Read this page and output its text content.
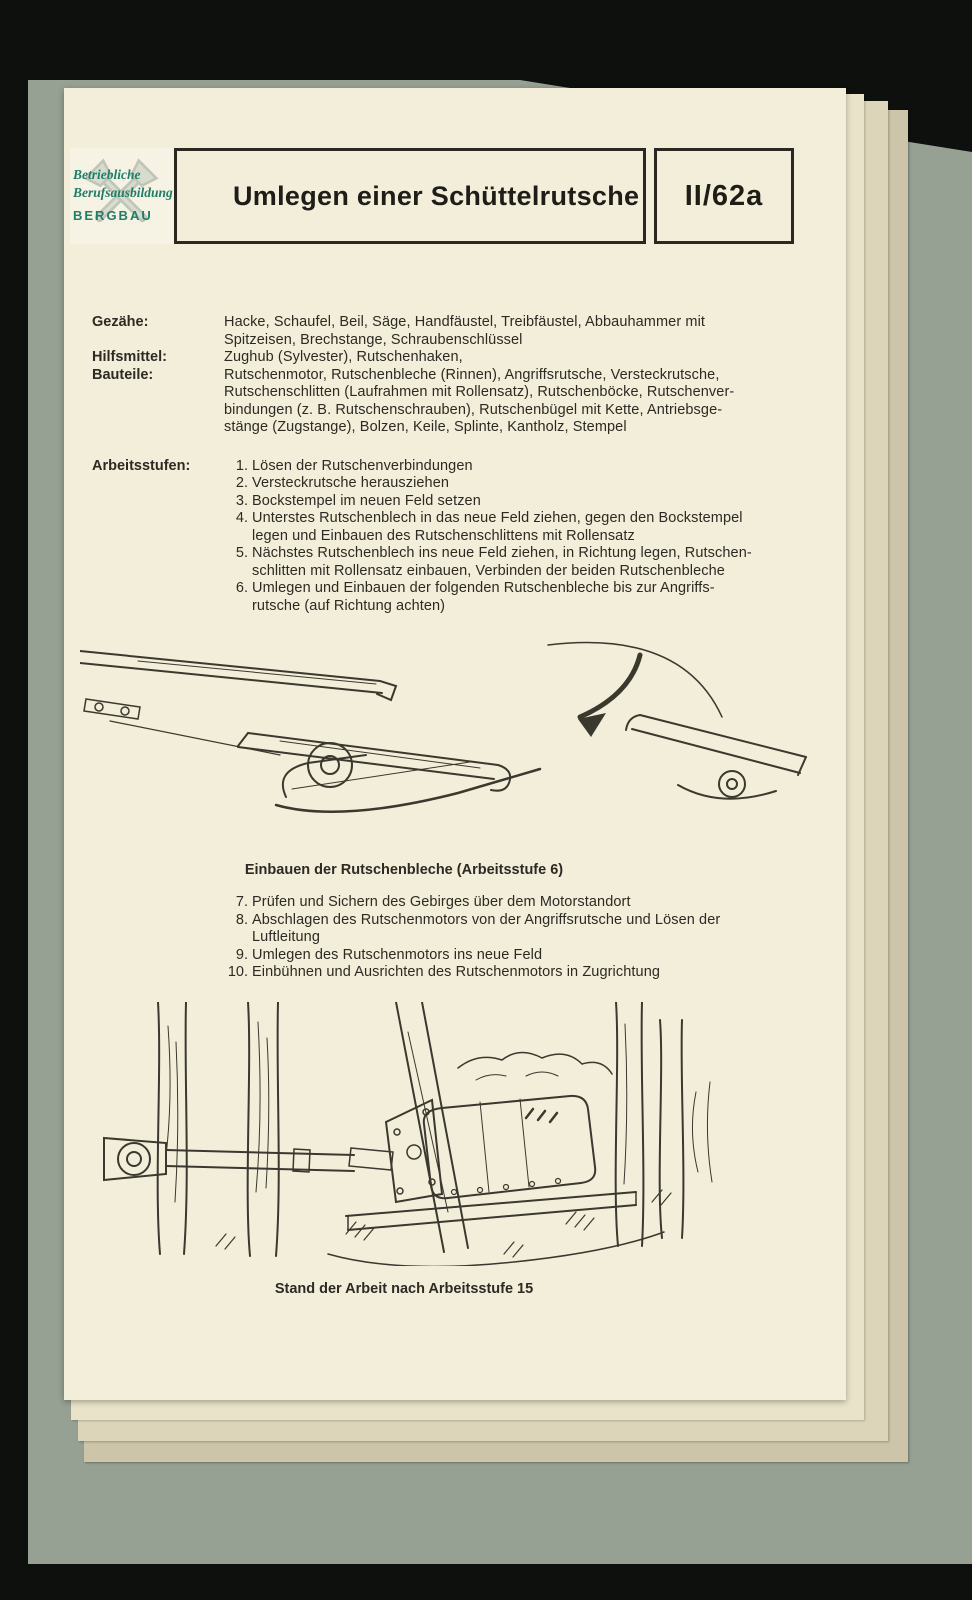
Betriebliche
Berufsausbildung
BERGBAU
Umlegen einer Schüttelrutsche II/62a
Gezähe:	Hacke, Schaufel, Beil, Säge, Handfäustel, Treibfäustel, Abbauhammer mit
Spitzeisen, Brechstange, Schraubenschlüssel
Hilfsmittel:	Zughub (Sylvester), Rutschenhaken,
Bauteile:	Rutschenmotor, Rutschenbleche (Rinnen), Angriffsrutsche, Versteckrutsche,
Rutschenschlitten (Laufrahmen mit Rollensatz), Rutschenböcke, Rutschenver-
bindungen (z. B. Rutschenschrauben), Rutschenbügel mit Kette, Antriebsge-
stänge (Zugstange), Bolzen, Keile, Splinte, Kantholz, Stempel
Arbeitsstufen:	1. Lösen der Rutschenverbindungen
2. Versteckrutsche herausziehen
3. Bockstempel im neuen Feld setzen
4. Unterstes Rutschenblech in das neue Feld ziehen, gegen den Bockstempel
legen und Einbauen des Rutschenschlittens mit Rollensatz
5. Nächstes Rutschenblech ins neue Feld ziehen, in Richtung legen, Rutschen-
schlitten mit Rollensatz einbauen, Verbinden der beiden Rutschenbleche
6. Umlegen und Einbauen der folgenden Rutschenbleche bis zur Angriffs-
rutsche (auf Richtung achten)
Einbauen der Rutschenbleche (Arbeitsstufe 6)
7. Prüfen und Sichern des Gebirges über dem Motorstandort
8. Abschlagen des Rutschenmotors von der Angriffsrutsche und Lösen der
Luftleitung
9. Umlegen des Rutschenmotors ins neue Feld
10. Einbühnen und Ausrichten des Rutschenmotors in Zugrichtung
Stand der Arbeit nach Arbeitsstufe 15
